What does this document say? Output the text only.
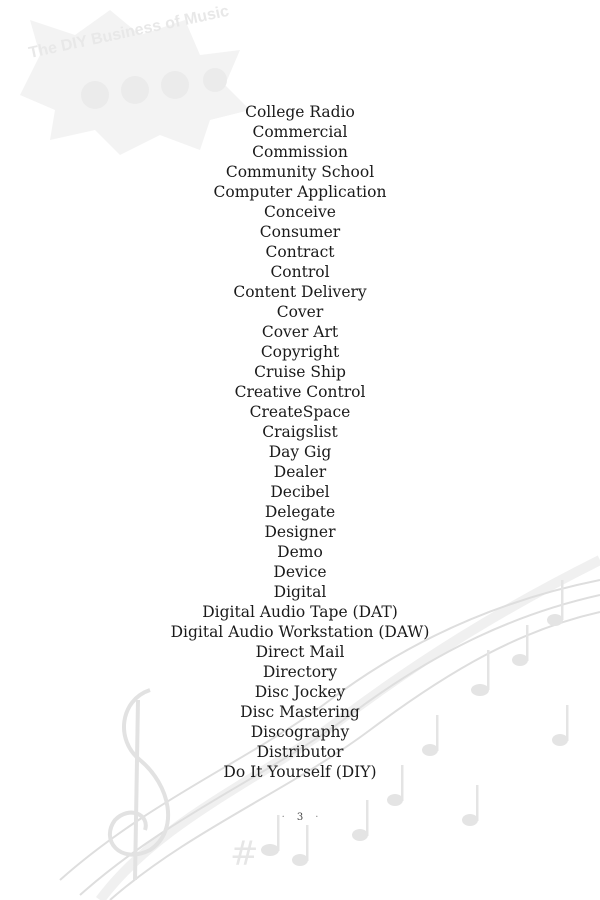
The DIY Business of Music
#
College Radio
Commercial
Commission
Community School
Computer Application
Conceive
Consumer
Contract
Control
Content Delivery
Cover
Cover Art
Copyright
Cruise Ship
Creative Control
CreateSpace
Craigslist
Day Gig
Dealer
Decibel
Delegate
Designer
Demo
Device
Digital
Digital Audio Tape (DAT)
Digital Audio Workstation (DAW)
Direct Mail
Directory
Disc Jockey
Disc Mastering
Discography
Distributor
Do It Yourself (DIY)
· 3 ·
